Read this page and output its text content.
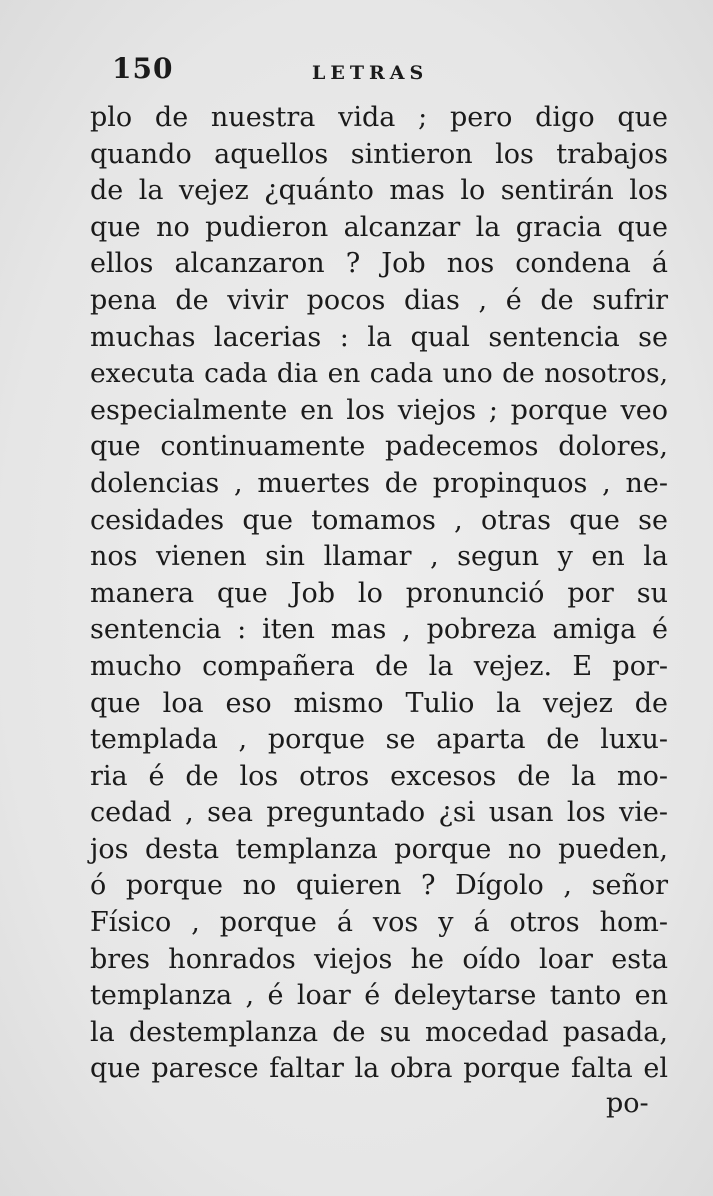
150	LETRAS
plo de nuestra vida ; pero digo que
quando aquellos sintieron los trabajos
de la vejez ¿quánto mas lo sentirán los
que no pudieron alcanzar la gracia que
ellos alcanzaron ? Job nos condena á
pena de vivir pocos dias , é de sufrir
muchas lacerias : la qual sentencia se
executa cada dia en cada uno de nosotros,
especialmente en los viejos ; porque veo
que continuamente padecemos dolores,
dolencias , muertes de propinquos , ne-
cesidades que tomamos , otras que se
nos vienen sin llamar , segun y en la
manera que Job lo pronunció por su
sentencia : iten mas , pobreza amiga é
mucho compañera de la vejez. E por-
que loa eso mismo Tulio la vejez de
templada , porque se aparta de luxu-
ria é de los otros excesos de la mo-
cedad , sea preguntado ¿si usan los vie-
jos desta templanza porque no pueden,
ó porque no quieren ? Dígolo , señor
Físico , porque á vos y á otros hom-
bres honrados viejos he oído loar esta
templanza , é loar é deleytarse tanto en
la destemplanza de su mocedad pasada,
que paresce faltar la obra porque falta el
po-
